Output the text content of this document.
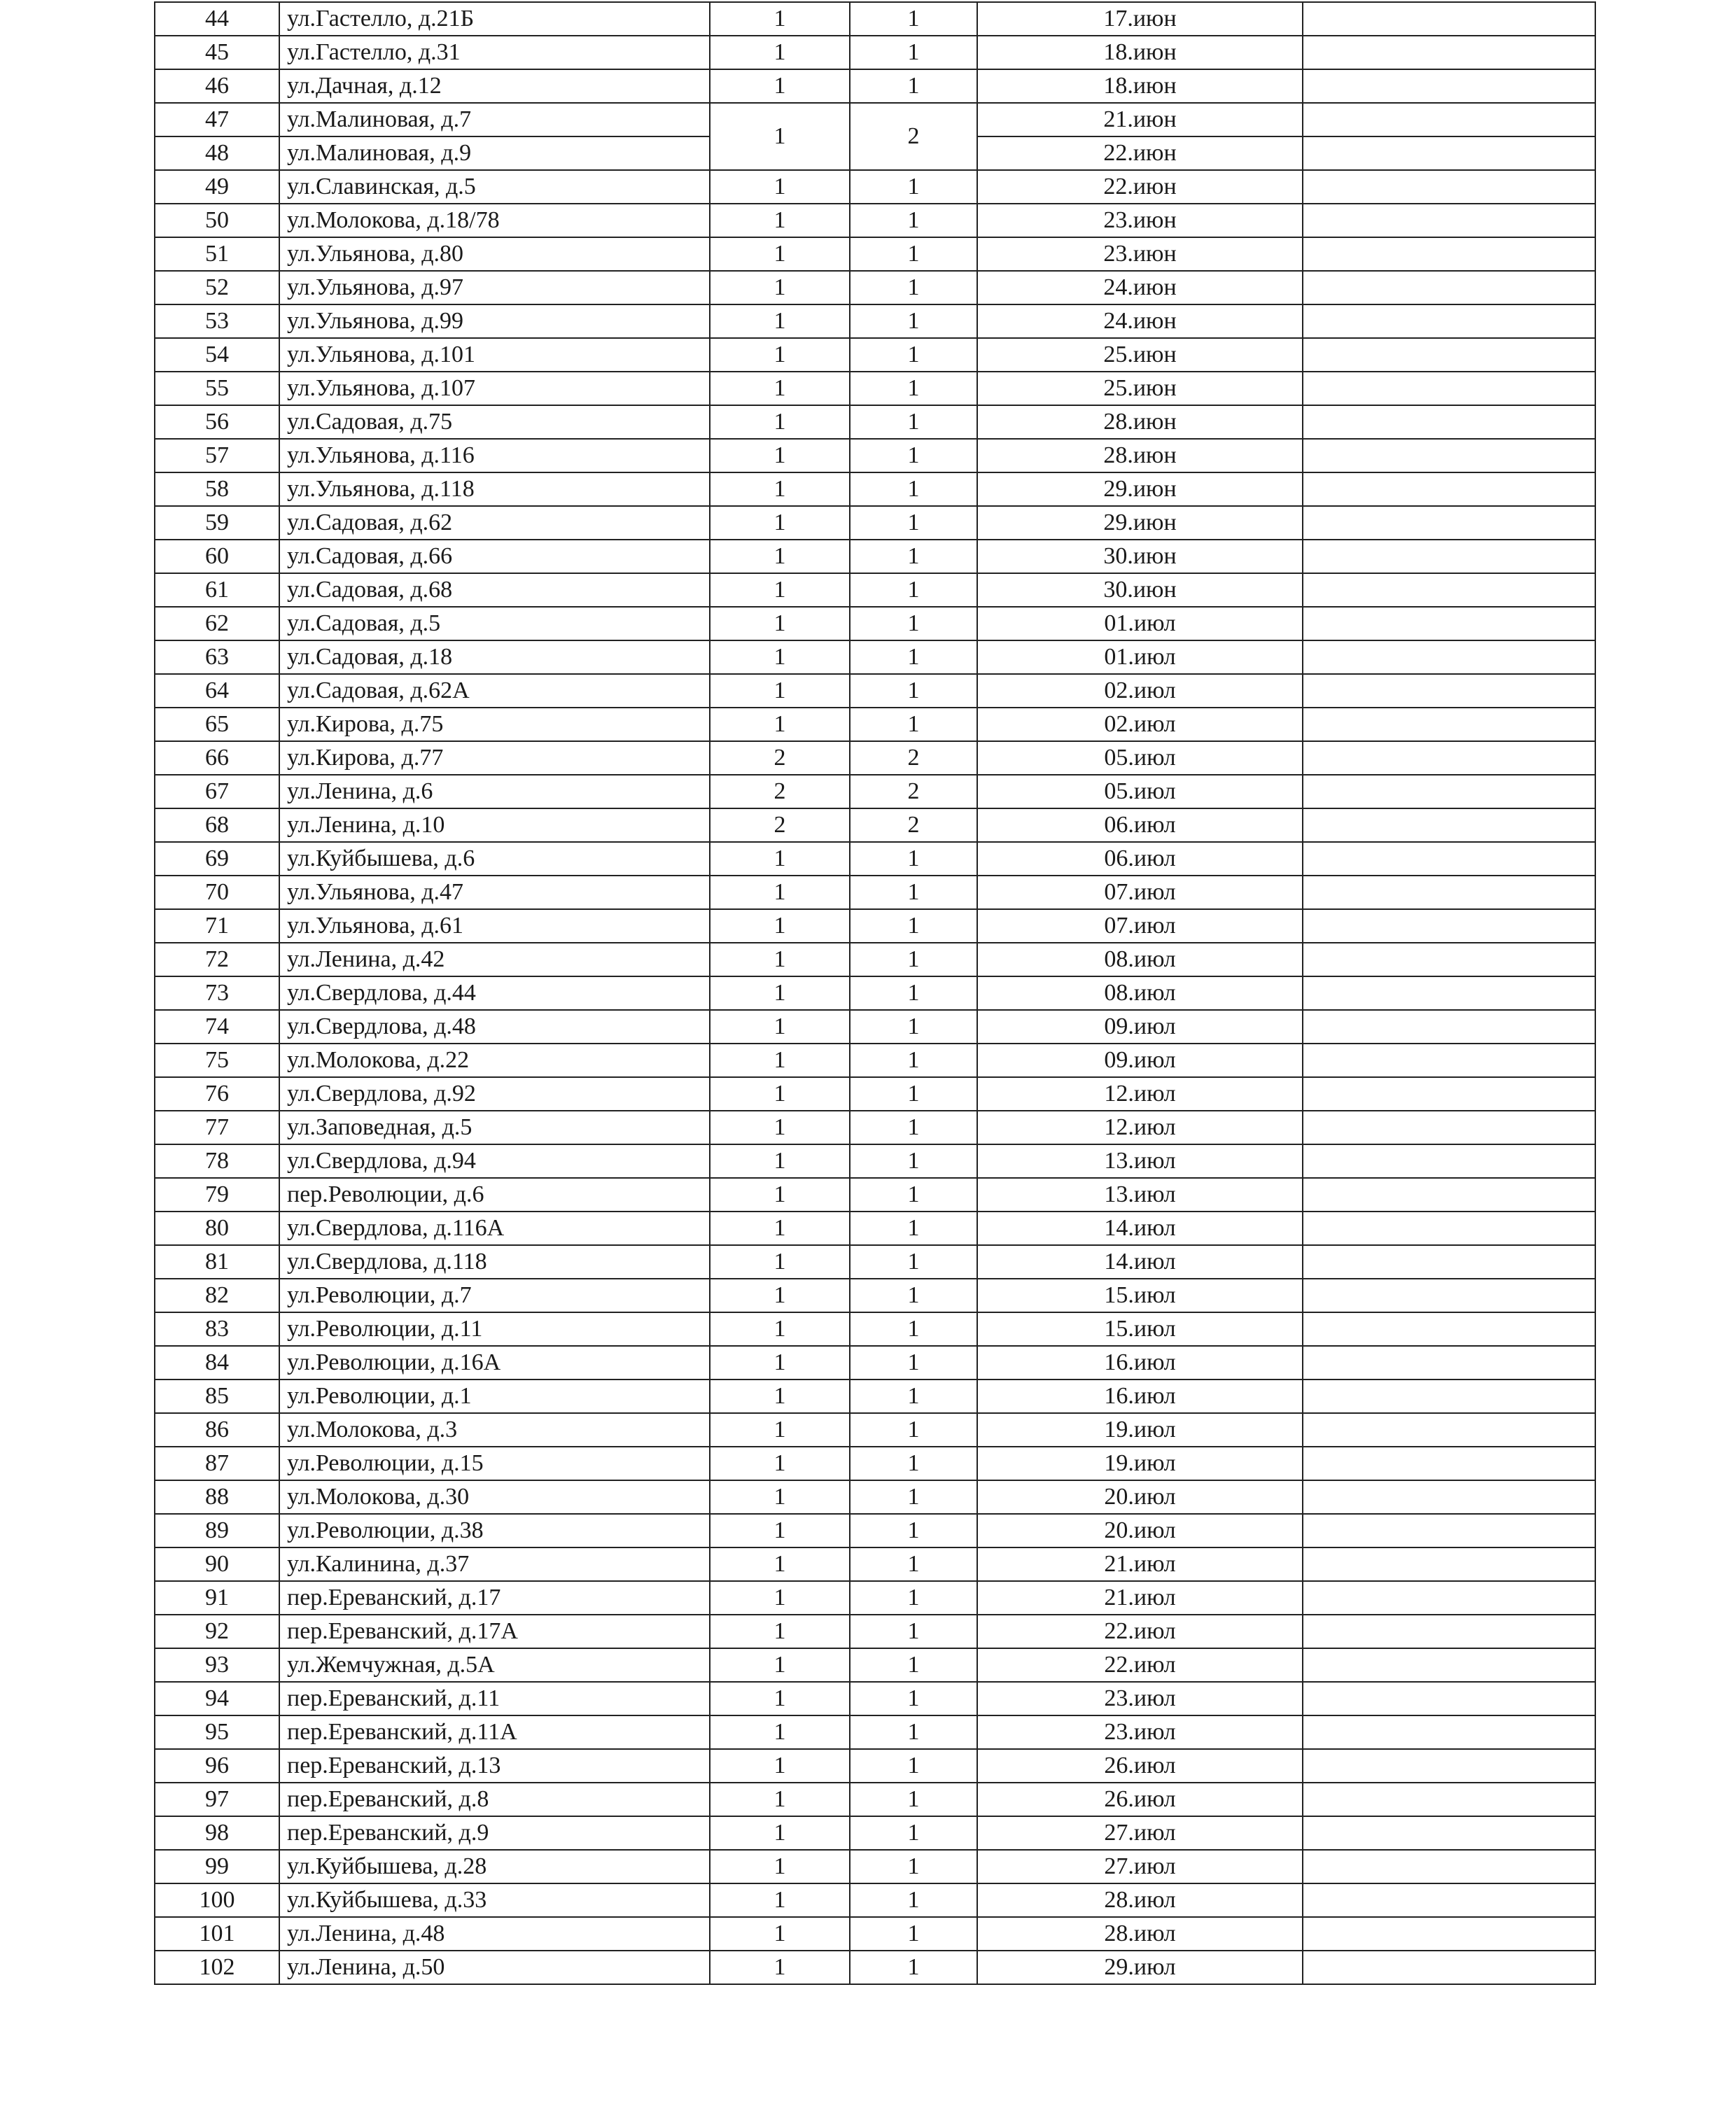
44	ул.Гастелло, д.21Б	1	1	17.июн	
45	ул.Гастелло, д.31	1	1	18.июн	
46	ул.Дачная, д.12	1	1	18.июн	
47	ул.Малиновая, д.7	1	2	21.июн	
48	ул.Малиновая, д.9			22.июн	
49	ул.Славинская, д.5	1	1	22.июн	
50	ул.Молокова, д.18/78	1	1	23.июн	
51	ул.Ульянова, д.80	1	1	23.июн	
52	ул.Ульянова, д.97	1	1	24.июн	
53	ул.Ульянова, д.99	1	1	24.июн	
54	ул.Ульянова, д.101	1	1	25.июн	
55	ул.Ульянова, д.107	1	1	25.июн	
56	ул.Садовая, д.75	1	1	28.июн	
57	ул.Ульянова, д.116	1	1	28.июн	
58	ул.Ульянова, д.118	1	1	29.июн	
59	ул.Садовая, д.62	1	1	29.июн	
60	ул.Садовая, д.66	1	1	30.июн	
61	ул.Садовая, д.68	1	1	30.июн	
62	ул.Садовая, д.5	1	1	01.июл	
63	ул.Садовая, д.18	1	1	01.июл	
64	ул.Садовая, д.62А	1	1	02.июл	
65	ул.Кирова, д.75	1	1	02.июл	
66	ул.Кирова, д.77	2	2	05.июл	
67	ул.Ленина, д.6	2	2	05.июл	
68	ул.Ленина, д.10	2	2	06.июл	
69	ул.Куйбышева, д.6	1	1	06.июл	
70	ул.Ульянова, д.47	1	1	07.июл	
71	ул.Ульянова, д.61	1	1	07.июл	
72	ул.Ленина, д.42	1	1	08.июл	
73	ул.Свердлова, д.44	1	1	08.июл	
74	ул.Свердлова, д.48	1	1	09.июл	
75	ул.Молокова, д.22	1	1	09.июл	
76	ул.Свердлова, д.92	1	1	12.июл	
77	ул.Заповедная, д.5	1	1	12.июл	
78	ул.Свердлова, д.94	1	1	13.июл	
79	пер.Революции, д.6	1	1	13.июл	
80	ул.Свердлова, д.116А	1	1	14.июл	
81	ул.Свердлова, д.118	1	1	14.июл	
82	ул.Революции, д.7	1	1	15.июл	
83	ул.Революции, д.11	1	1	15.июл	
84	ул.Революции, д.16А	1	1	16.июл	
85	ул.Революции, д.1	1	1	16.июл	
86	ул.Молокова, д.3	1	1	19.июл	
87	ул.Революции, д.15	1	1	19.июл	
88	ул.Молокова, д.30	1	1	20.июл	
89	ул.Революции, д.38	1	1	20.июл	
90	ул.Калинина, д.37	1	1	21.июл	
91	пер.Ереванский, д.17	1	1	21.июл	
92	пер.Ереванский, д.17А	1	1	22.июл	
93	ул.Жемчужная, д.5А	1	1	22.июл	
94	пер.Ереванский, д.11	1	1	23.июл	
95	пер.Ереванский, д.11А	1	1	23.июл	
96	пер.Ереванский, д.13	1	1	26.июл	
97	пер.Ереванский, д.8	1	1	26.июл	
98	пер.Ереванский, д.9	1	1	27.июл	
99	ул.Куйбышева, д.28	1	1	27.июл	
100	ул.Куйбышева, д.33	1	1	28.июл	
101	ул.Ленина, д.48	1	1	28.июл	
102	ул.Ленина, д.50	1	1	29.июл	
